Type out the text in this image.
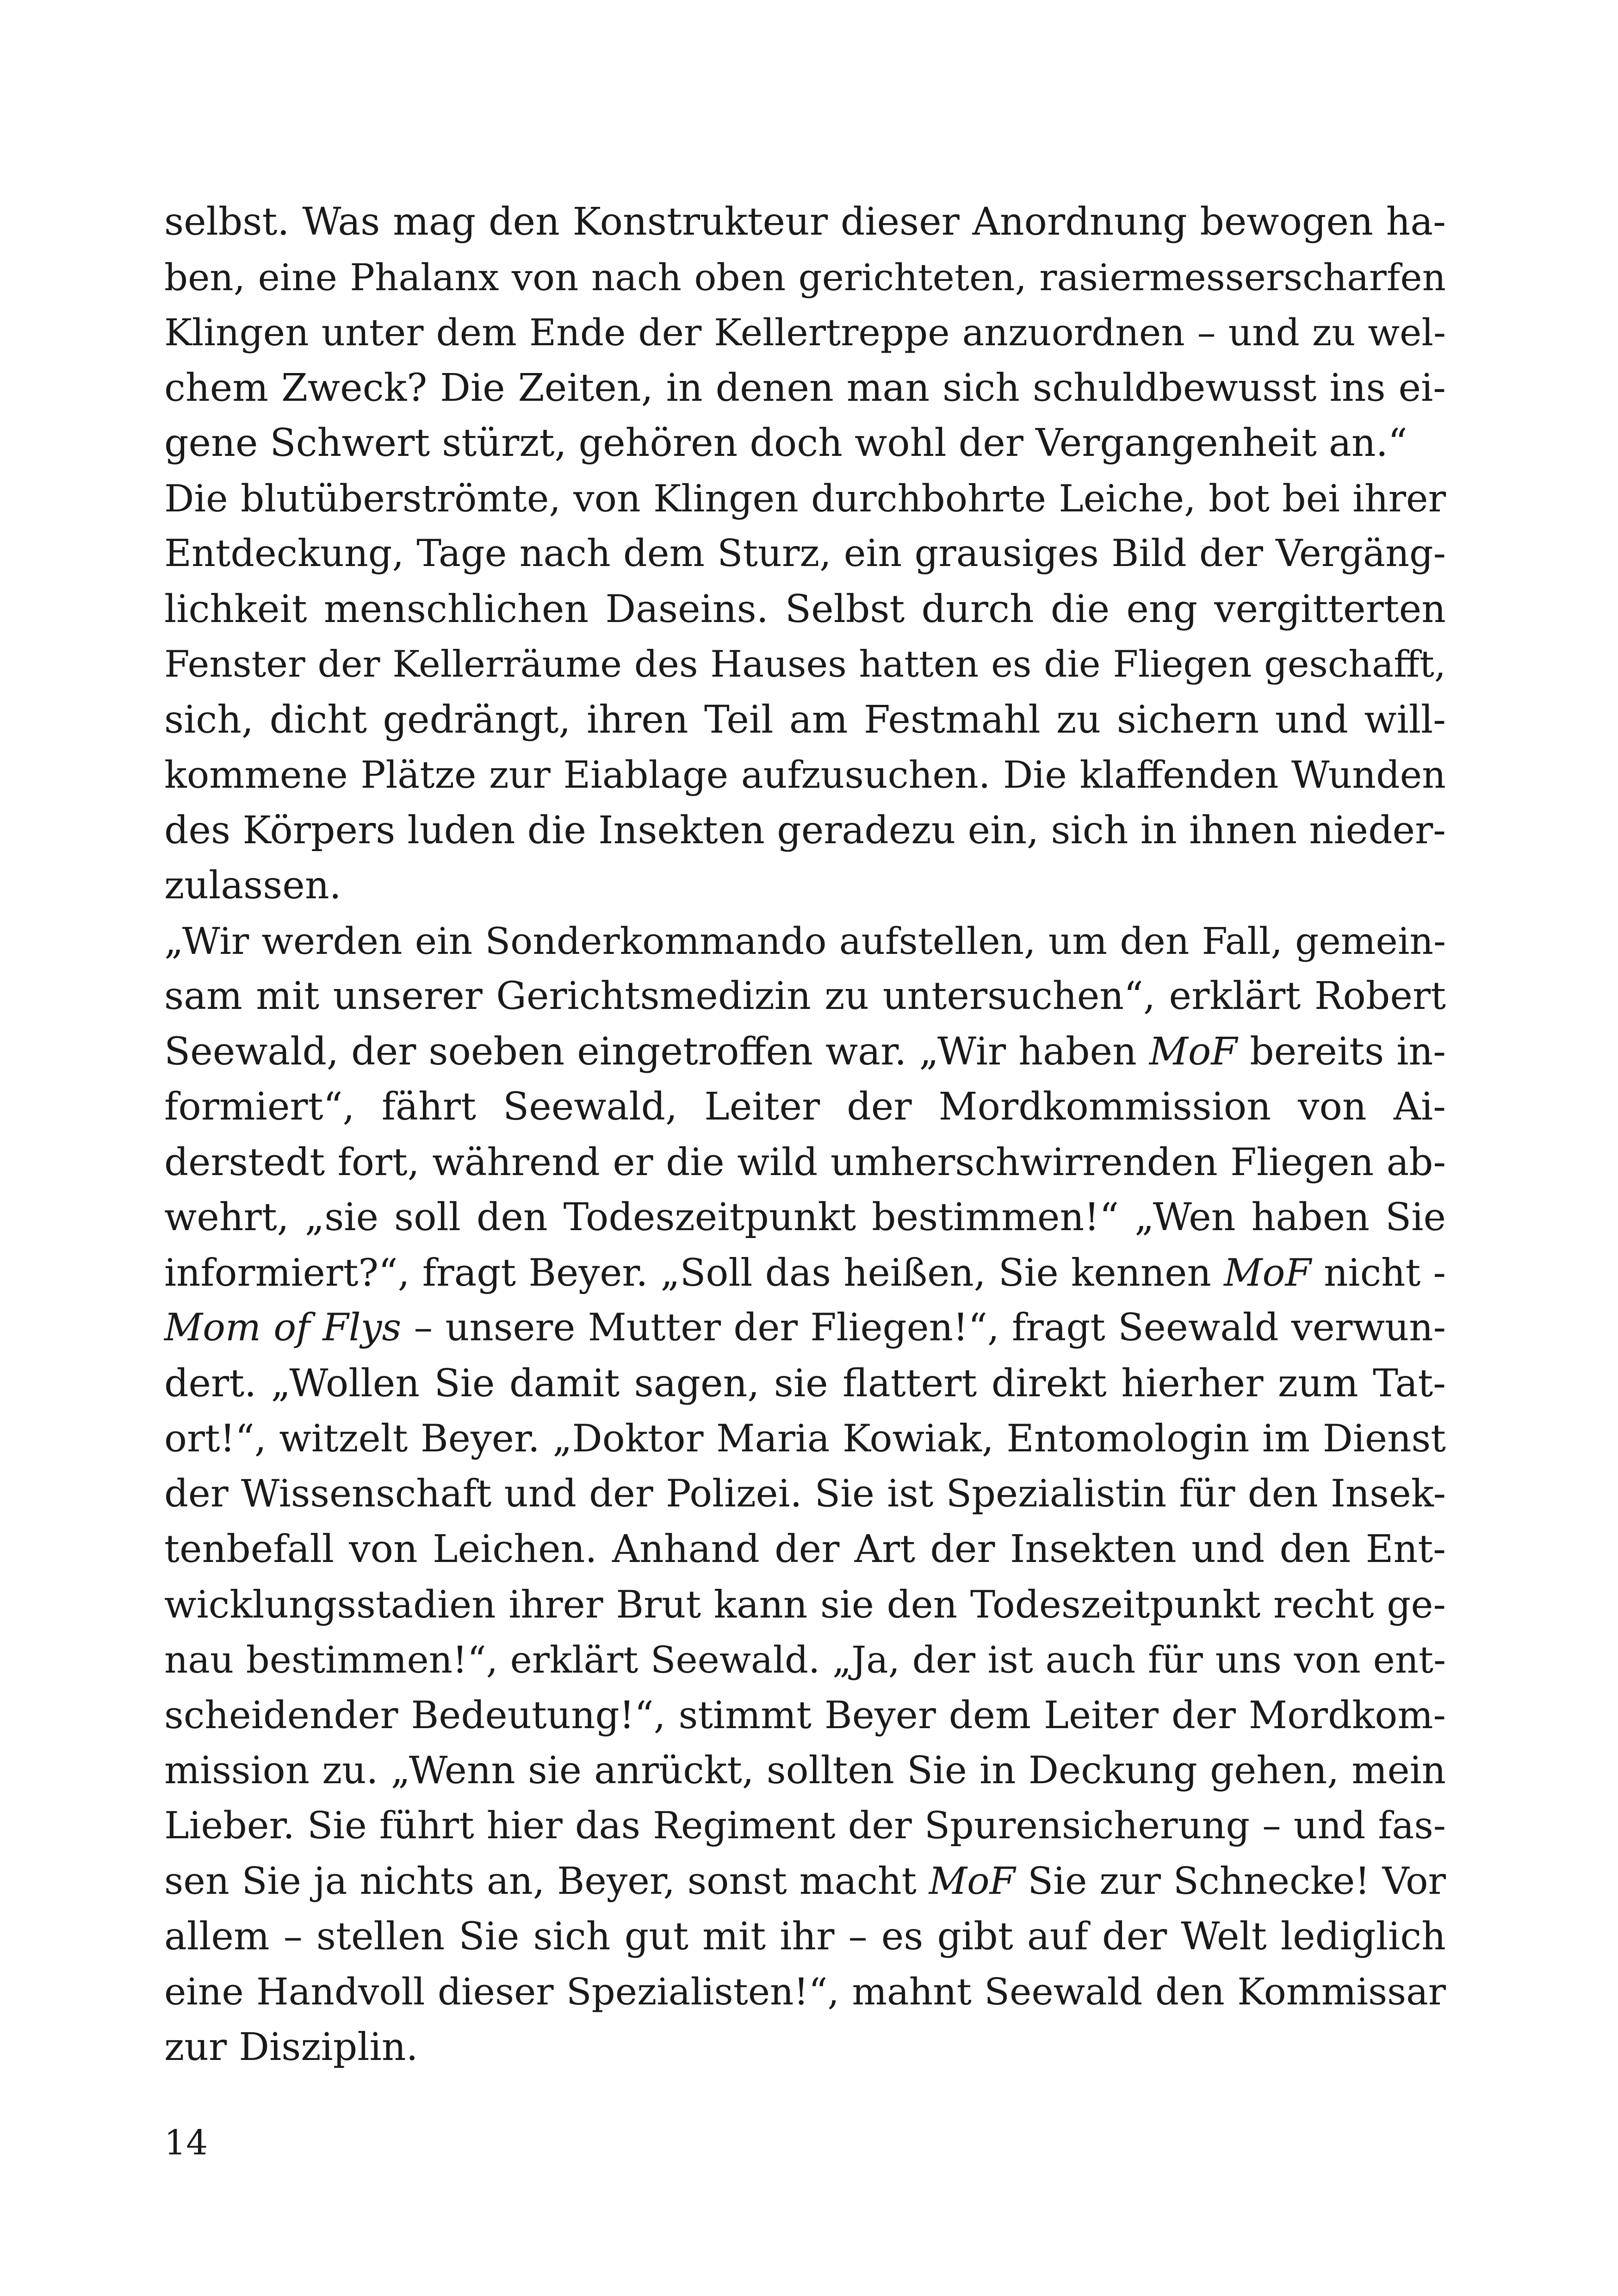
selbst. Was mag den Konstrukteur dieser Anordnung bewogen ha-
ben, eine Phalanx von nach oben gerichteten, rasiermesserscharfen
Klingen unter dem Ende der Kellertreppe anzuordnen – und zu wel-
chem Zweck? Die Zeiten, in denen man sich schuldbewusst ins ei-
gene Schwert stürzt, gehören doch wohl der Vergangenheit an.“
Die blutüberströmte, von Klingen durchbohrte Leiche, bot bei ihrer
Entdeckung, Tage nach dem Sturz, ein grausiges Bild der Vergäng-
lichkeit menschlichen Daseins. Selbst durch die eng vergitterten
Fenster der Kellerräume des Hauses hatten es die Fliegen geschafft,
sich, dicht gedrängt, ihren Teil am Festmahl zu sichern und will-
kommene Plätze zur Eiablage aufzusuchen. Die klaffenden Wunden
des Körpers luden die Insekten geradezu ein, sich in ihnen nieder-
zulassen.
„Wir werden ein Sonderkommando aufstellen, um den Fall, gemein-
sam mit unserer Gerichtsmedizin zu untersuchen“, erklärt Robert
Seewald, der soeben eingetroffen war. „Wir haben MoF bereits in-
formiert“, fährt Seewald, Leiter der Mordkommission von Ai-
derstedt fort, während er die wild umherschwirrenden Fliegen ab-
wehrt, „sie soll den Todeszeitpunkt bestimmen!“ „Wen haben Sie
informiert?“, fragt Beyer. „Soll das heißen, Sie kennen MoF nicht -
Mom of Flys – unsere Mutter der Fliegen!“, fragt Seewald verwun-
dert. „Wollen Sie damit sagen, sie flattert direkt hierher zum Tat-
ort!“, witzelt Beyer. „Doktor Maria Kowiak, Entomologin im Dienst
der Wissenschaft und der Polizei. Sie ist Spezialistin für den Insek-
tenbefall von Leichen. Anhand der Art der Insekten und den Ent-
wicklungsstadien ihrer Brut kann sie den Todeszeitpunkt recht ge-
nau bestimmen!“, erklärt Seewald. „Ja, der ist auch für uns von ent-
scheidender Bedeutung!“, stimmt Beyer dem Leiter der Mordkom-
mission zu. „Wenn sie anrückt, sollten Sie in Deckung gehen, mein
Lieber. Sie führt hier das Regiment der Spurensicherung – und fas-
sen Sie ja nichts an, Beyer, sonst macht MoF Sie zur Schnecke! Vor
allem – stellen Sie sich gut mit ihr – es gibt auf der Welt lediglich
eine Handvoll dieser Spezialisten!“, mahnt Seewald den Kommissar
zur Disziplin.
14
